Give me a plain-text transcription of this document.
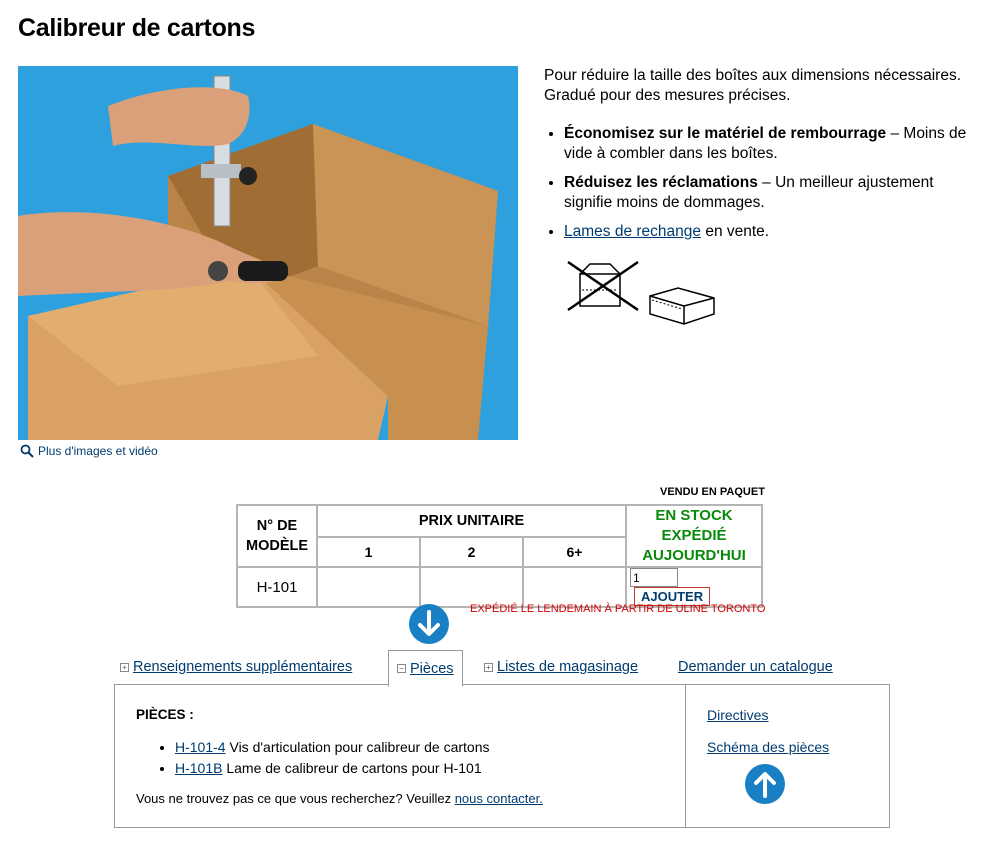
Calibreur de cartons
Plus d'images et vidéo

Pour réduire la taille des boîtes aux dimensions nécessaires. Gradué pour des mesures précises.

• Économisez sur le matériel de rembourrage – Moins de vide à combler dans les boîtes.
• Réduisez les réclamations – Un meilleur ajustement signifie moins de dommages.
• Lames de rechange en vente.
VENDU EN PAQUET
N° DE MODÈLE	PRIX UNITAIRE			EN STOCK EXPÉDIÉ AUJOURD'HUI

	1	2	6+	
H-101				1 AJOUTER
EXPÉDIÉ LE LENDEMAIN À PARTIR DE ULINE TORONTO
+ Renseignements supplémentaires	− Pièces	+ Listes de magasinage	Demander un catalogue
PIÈCES :
• H-101-4 Vis d'articulation pour calibreur de cartons
• H-101B Lame de calibreur de cartons pour H-101
Vous ne trouvez pas ce que vous recherchez? Veuillez nous contacter.
Directives
Schéma des pièces
